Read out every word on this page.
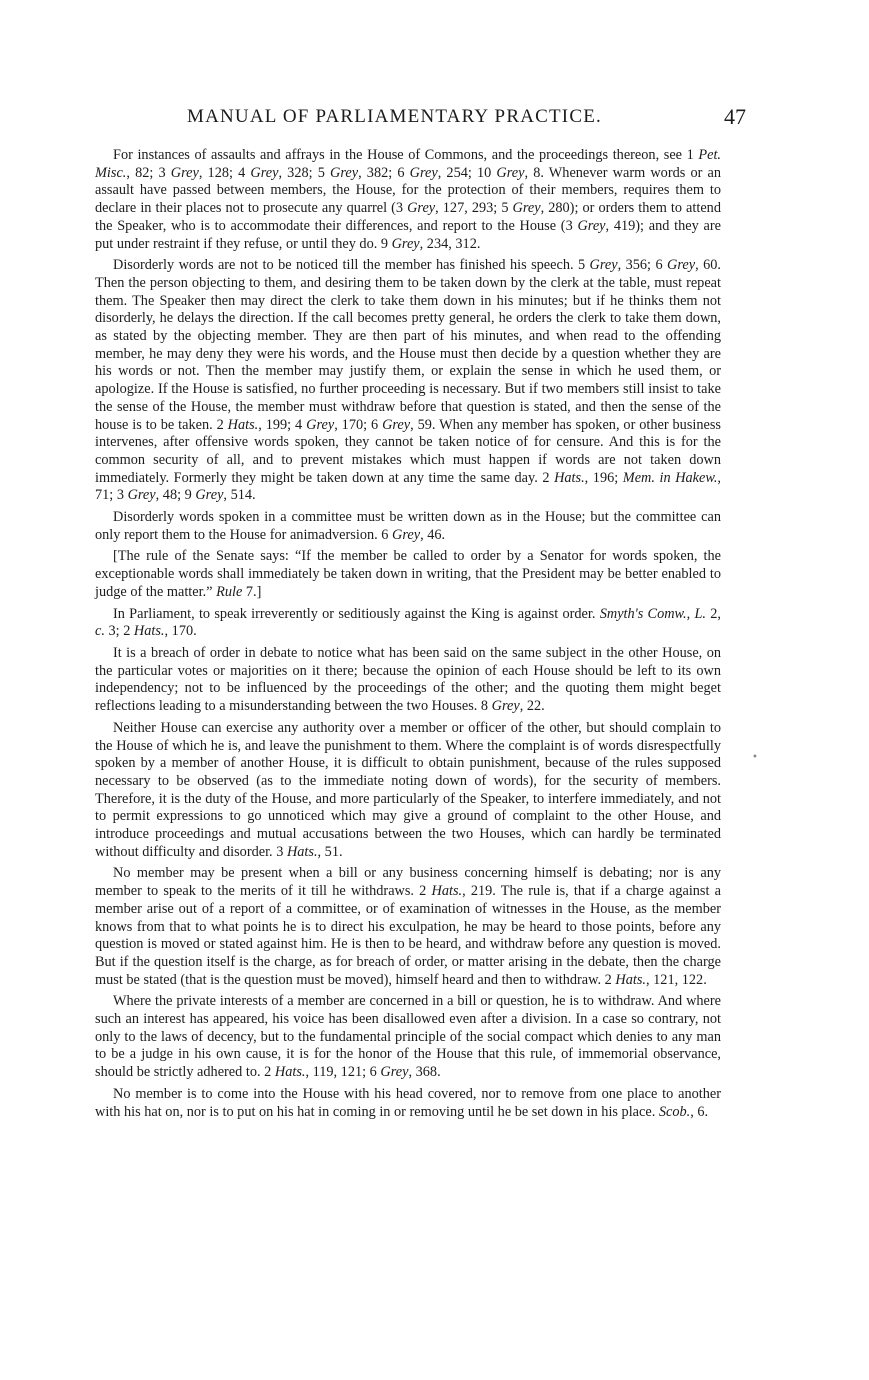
MANUAL OF PARLIAMENTARY PRACTICE.	47

For instances of assaults and affrays in the House of Commons, and the proceedings thereon, see 1 Pet. Misc., 82; 3 Grey, 128; 4 Grey, 328; 5 Grey, 382; 6 Grey, 254; 10 Grey, 8. Whenever warm words or an assault have passed between members, the House, for the protection of their members, requires them to declare in their places not to prosecute any quarrel (3 Grey, 127, 293; 5 Grey, 280); or orders them to attend the Speaker, who is to accommodate their differences, and report to the House (3 Grey, 419); and they are put under restraint if they refuse, or until they do. 9 Grey, 234, 312.

Disorderly words are not to be noticed till the member has finished his speech. 5 Grey, 356; 6 Grey, 60. Then the person objecting to them, and desiring them to be taken down by the clerk at the table, must repeat them. The Speaker then may direct the clerk to take them down in his minutes; but if he thinks them not disorderly, he delays the direction. If the call becomes pretty general, he orders the clerk to take them down, as stated by the objecting member. They are then part of his minutes, and when read to the offending member, he may deny they were his words, and the House must then decide by a question whether they are his words or not. Then the member may justify them, or explain the sense in which he used them, or apologize. If the House is satisfied, no further proceeding is necessary. But if two members still insist to take the sense of the House, the member must withdraw before that question is stated, and then the sense of the house is to be taken. 2 Hats., 199; 4 Grey, 170; 6 Grey, 59. When any member has spoken, or other business intervenes, after offensive words spoken, they cannot be taken notice of for censure. And this is for the common security of all, and to prevent mistakes which must happen if words are not taken down immediately. Formerly they might be taken down at any time the same day. 2 Hats., 196; Mem. in Hakew., 71; 3 Grey, 48; 9 Grey, 514.

Disorderly words spoken in a committee must be written down as in the House; but the committee can only report them to the House for animadversion. 6 Grey, 46.

[The rule of the Senate says: “If the member be called to order by a Senator for words spoken, the exceptionable words shall immediately be taken down in writing, that the President may be better enabled to judge of the matter.” Rule 7.]

In Parliament, to speak irreverently or seditiously against the King is against order. Smyth's Comw., L. 2, c. 3; 2 Hats., 170.

It is a breach of order in debate to notice what has been said on the same subject in the other House, on the particular votes or majorities on it there; because the opinion of each House should be left to its own independency; not to be influenced by the proceedings of the other; and the quoting them might beget reflections leading to a misunderstanding between the two Houses. 8 Grey, 22.

Neither House can exercise any authority over a member or officer of the other, but should complain to the House of which he is, and leave the punishment to them. Where the complaint is of words disrespectfully spoken by a member of another House, it is difficult to obtain punishment, because of the rules supposed necessary to be observed (as to the immediate noting down of words), for the security of members. Therefore, it is the duty of the House, and more particularly of the Speaker, to interfere immediately, and not to permit expressions to go unnoticed which may give a ground of complaint to the other House, and introduce proceedings and mutual accusations between the two Houses, which can hardly be terminated without difficulty and disorder. 3 Hats., 51.

No member may be present when a bill or any business concerning himself is debating; nor is any member to speak to the merits of it till he withdraws. 2 Hats., 219. The rule is, that if a charge against a member arise out of a report of a committee, or of examination of witnesses in the House, as the member knows from that to what points he is to direct his exculpation, he may be heard to those points, before any question is moved or stated against him. He is then to be heard, and withdraw before any question is moved. But if the question itself is the charge, as for breach of order, or matter arising in the debate, then the charge must be stated (that is the question must be moved), himself heard and then to withdraw. 2 Hats., 121, 122.

Where the private interests of a member are concerned in a bill or question, he is to withdraw. And where such an interest has appeared, his voice has been disallowed even after a division. In a case so contrary, not only to the laws of decency, but to the fundamental principle of the social compact which denies to any man to be a judge in his own cause, it is for the honor of the House that this rule, of immemorial observance, should be strictly adhered to. 2 Hats., 119, 121; 6 Grey, 368.

No member is to come into the House with his head covered, nor to remove from one place to another with his hat on, nor is to put on his hat in coming in or removing until he be set down in his place. Scob., 6.

•
